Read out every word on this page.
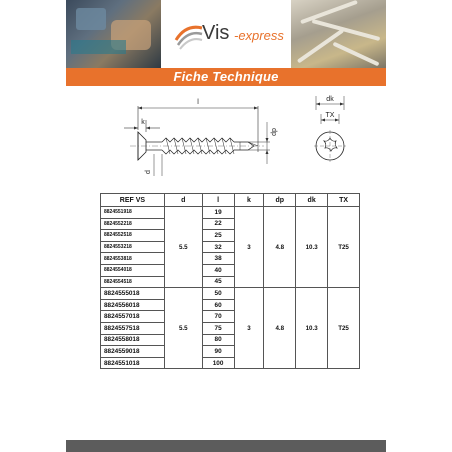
Vis -express
Fiche Technique
l
k
dp
d
dk
TX
REF VS	d	l	k	dp	dk	TX
8824551918	5.5	19	3	4.8	10.3	T25
8824552218		22				
8824552518		25				
8824553218		32				
8824553818		38				
8824554018		40				
8824554518		45				
8824555018	5.5	50	3	4.8	10.3	T25
8824556018		60				
8824557018		70				
8824557518		75				
8824558018		80				
8824559018		90				
8824551018		100				
